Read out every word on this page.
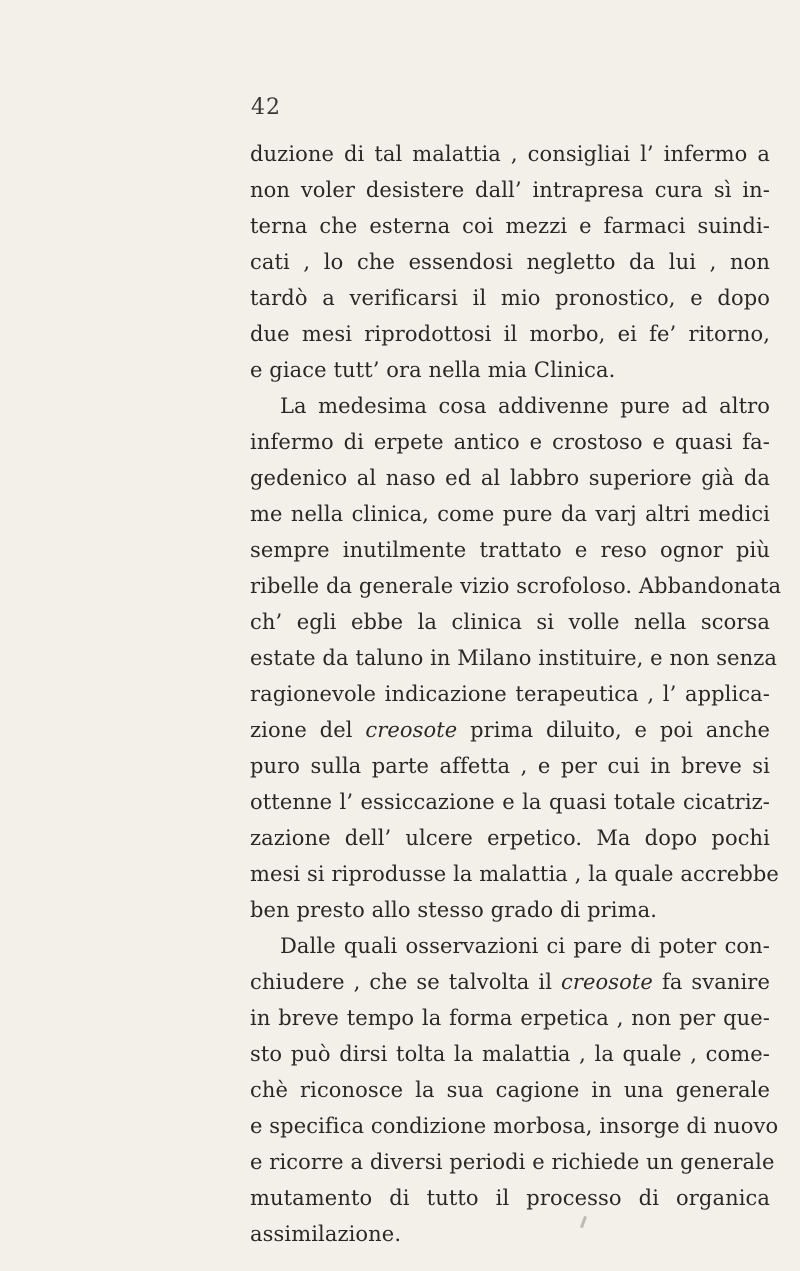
42
duzione di tal malattia , consigliai l’ infermo a
non voler desistere dall’ intrapresa cura sì in-
terna che esterna coi mezzi e farmaci suindi-
cati , lo che essendosi negletto da lui , non
tardò a verificarsi il mio pronostico, e dopo
due mesi riprodottosi il morbo, ei fe’ ritorno,
e giace tutt’ ora nella mia Clinica.
La medesima cosa addivenne pure ad altro
infermo di erpete antico e crostoso e quasi fa-
gedenico al naso ed al labbro superiore già da
me nella clinica, come pure da varj altri medici
sempre inutilmente trattato e reso ognor più
ribelle da generale vizio scrofoloso. Abbandonata
ch’ egli ebbe la clinica si volle nella scorsa
estate da taluno in Milano instituire, e non senza
ragionevole indicazione terapeutica , l’ applica-
zione del creosote prima diluito, e poi anche
puro sulla parte affetta , e per cui in breve si
ottenne l’ essiccazione e la quasi totale cicatriz-
zazione dell’ ulcere erpetico. Ma dopo pochi
mesi si riprodusse la malattia , la quale accrebbe
ben presto allo stesso grado di prima.
Dalle quali osservazioni ci pare di poter con-
chiudere , che se talvolta il creosote fa svanire
in breve tempo la forma erpetica , non per que-
sto può dirsi tolta la malattia , la quale , come-
chè riconosce la sua cagione in una generale
e specifica condizione morbosa, insorge di nuovo
e ricorre a diversi periodi e richiede un generale
mutamento di tutto il processo di organica
assimilazione.
